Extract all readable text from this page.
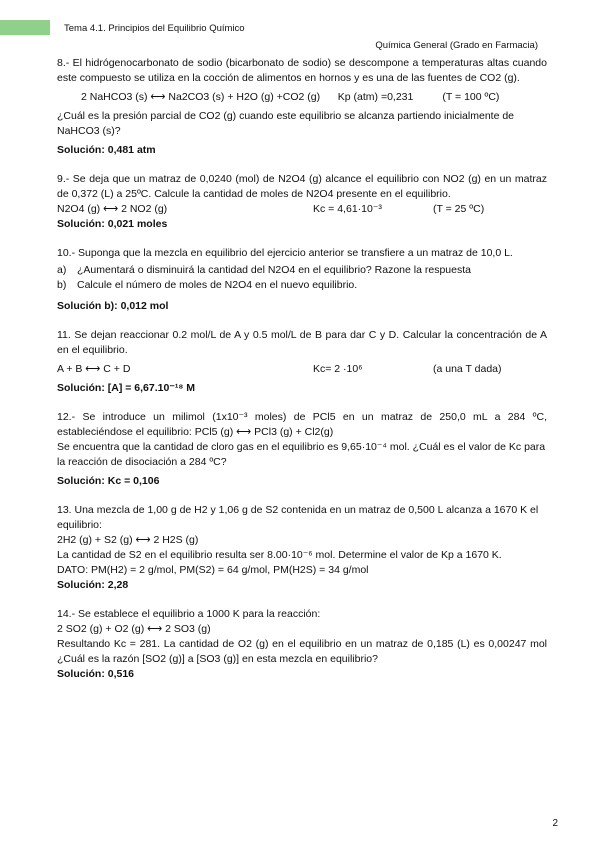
Tema 4.1. Principios del Equilibrio Químico
Química General (Grado en Farmacia)

8.- El hidrógenocarbonato de sodio (bicarbonato de sodio) se descompone a temperaturas altas cuando este compuesto se utiliza en la cocción de alimentos en hornos y es una de las fuentes de CO2 (g).

2 NaHCO3 (s) ⟷ Na2CO3 (s) + H2O (g) +CO2 (g)	Kp (atm) =0,231	(T = 100 ºC)

¿Cuál es la presión parcial de CO2 (g) cuando este equilibrio se alcanza partiendo inicialmente de NaHCO3 (s)?

Solución: 0,481 atm

9.- Se deja que un matraz de 0,0240 (mol) de N2O4 (g) alcance el equilibrio con NO2 (g) en un matraz de 0,372 (L) a 25ºC. Calcule la cantidad de moles de N2O4 presente en el equilibrio.

N2O4 (g) ⟷ 2 NO2 (g)	Kc = 4,61·10⁻³	(T = 25 ºC)

Solución: 0,021 moles

10.- Suponga que la mezcla en equilibrio del ejercicio anterior se transfiere a un matraz de 10,0 L.

a)	¿Aumentará o disminuirá la cantidad del N2O4 en el equilibrio? Razone la respuesta
b)	Calcule el número de moles de N2O4 en el nuevo equilibrio.

Solución b): 0,012 mol

11. Se dejan reaccionar 0.2 mol/L de A y 0.5 mol/L de B para dar C y D. Calcular la concentración de A en el equilibrio.

A + B ⟷ C + D	Kc= 2 ·10⁶	(a una T dada)

Solución: [A] = 6,67.10⁻¹⁸ M

12.- Se introduce un milimol (1x10⁻³ moles) de PCl5 en un matraz de 250,0 mL a 284 ºC, estableciéndose el equilibrio: PCl5 (g) ⟷ PCl3 (g) + Cl2(g)

Se encuentra que la cantidad de cloro gas en el equilibrio es 9,65·10⁻⁴ mol. ¿Cuál es el valor de Kc para la reacción de disociación a 284 ºC?

Solución: Kc = 0,106

13. Una mezcla de 1,00 g de H2 y 1,06 g de S2 contenida en un matraz de 0,500 L alcanza a 1670 K el equilibrio:

2H2 (g) + S2 (g) ⟷ 2 H2S (g)

La cantidad de S2 en el equilibrio resulta ser 8.00·10⁻⁶ mol. Determine el valor de Kp a 1670 K.

DATO: PM(H2) = 2 g/mol, PM(S2) = 64 g/mol, PM(H2S) = 34 g/mol

Solución: 2,28

14.- Se establece el equilibrio a 1000 K para la reacción:

2 SO2 (g) + O2 (g) ⟷ 2 SO3 (g)

Resultando Kc = 281. La cantidad de O2 (g) en el equilibrio en un matraz de 0,185 (L) es 0,00247 mol ¿Cuál es la razón [SO2 (g)] a [SO3 (g)] en esta mezcla en equilibrio?

Solución: 0,516

2
